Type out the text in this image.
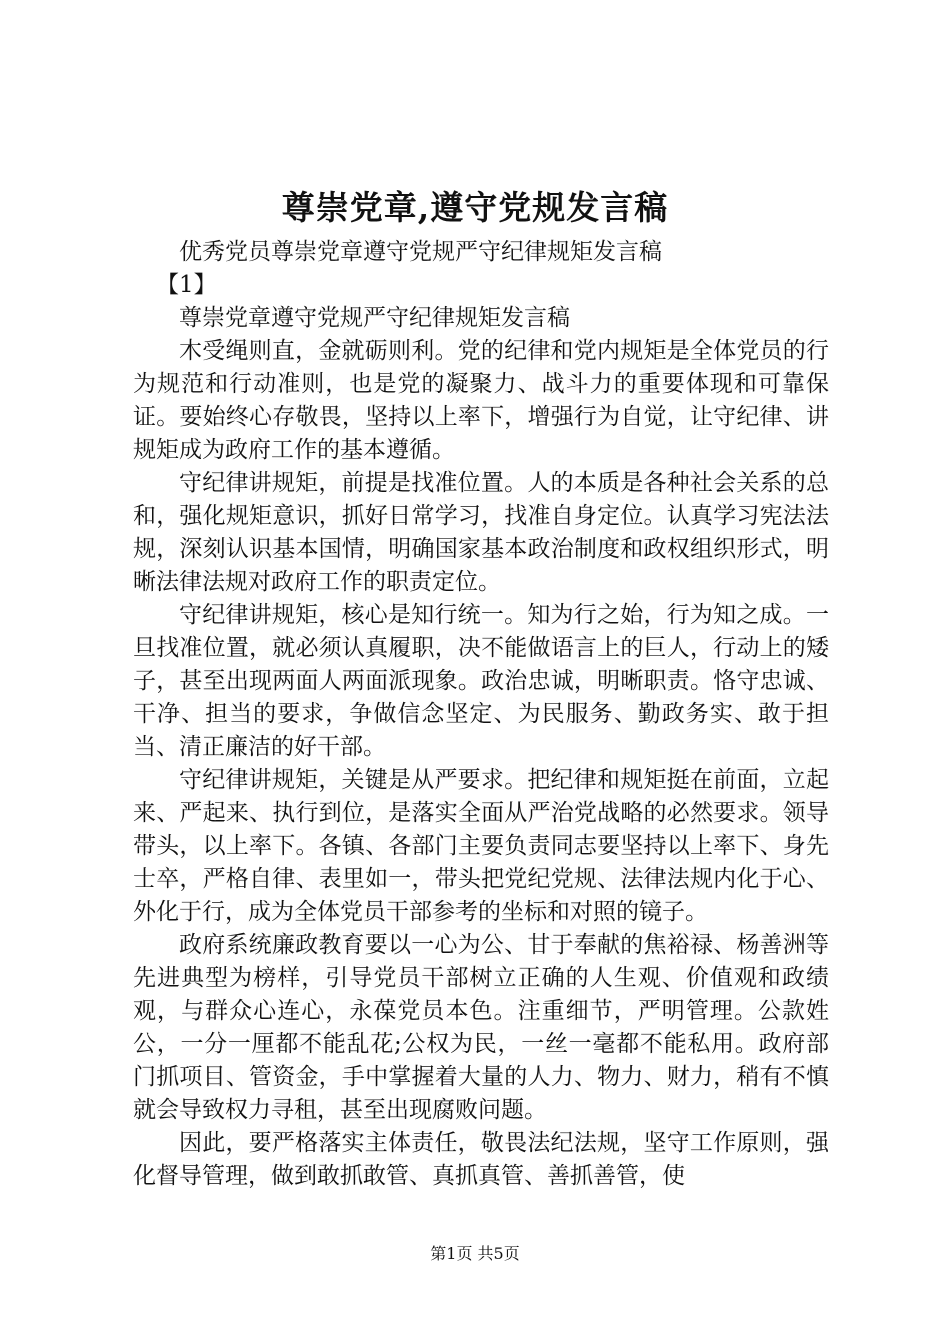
尊崇党章,遵守党规发言稿

优秀党员尊崇党章遵守党规严守纪律规矩发言稿

【1】

尊崇党章遵守党规严守纪律规矩发言稿

木受绳则直，金就砺则利。党的纪律和党内规矩是全体党员的行为规范和行动准则，也是党的凝聚力、战斗力的重要体现和可靠保证。要始终心存敬畏，坚持以上率下，增强行为自觉，让守纪律、讲规矩成为政府工作的基本遵循。

守纪律讲规矩，前提是找准位置。人的本质是各种社会关系的总和，强化规矩意识，抓好日常学习，找准自身定位。认真学习宪法法规，深刻认识基本国情，明确国家基本政治制度和政权组织形式，明晰法律法规对政府工作的职责定位。

守纪律讲规矩，核心是知行统一。知为行之始，行为知之成。一旦找准位置，就必须认真履职，决不能做语言上的巨人，行动上的矮子，甚至出现两面人两面派现象。政治忠诚，明晰职责。恪守忠诚、干净、担当的要求，争做信念坚定、为民服务、勤政务实、敢于担当、清正廉洁的好干部。

守纪律讲规矩，关键是从严要求。把纪律和规矩挺在前面，立起来、严起来、执行到位，是落实全面从严治党战略的必然要求。领导带头，以上率下。各镇、各部门主要负责同志要坚持以上率下、身先士卒，严格自律、表里如一，带头把党纪党规、法律法规内化于心、外化于行，成为全体党员干部参考的坐标和对照的镜子。

政府系统廉政教育要以一心为公、甘于奉献的焦裕禄、杨善洲等先进典型为榜样，引导党员干部树立正确的人生观、价值观和政绩观，与群众心连心，永葆党员本色。注重细节，严明管理。公款姓公，一分一厘都不能乱花;公权为民，一丝一毫都不能私用。政府部门抓项目、管资金，手中掌握着大量的人力、物力、财力，稍有不慎就会导致权力寻租，甚至出现腐败问题。

因此，要严格落实主体责任，敬畏法纪法规，坚守工作原则，强化督导管理，做到敢抓敢管、真抓真管、善抓善管，使

第1页 共5页
